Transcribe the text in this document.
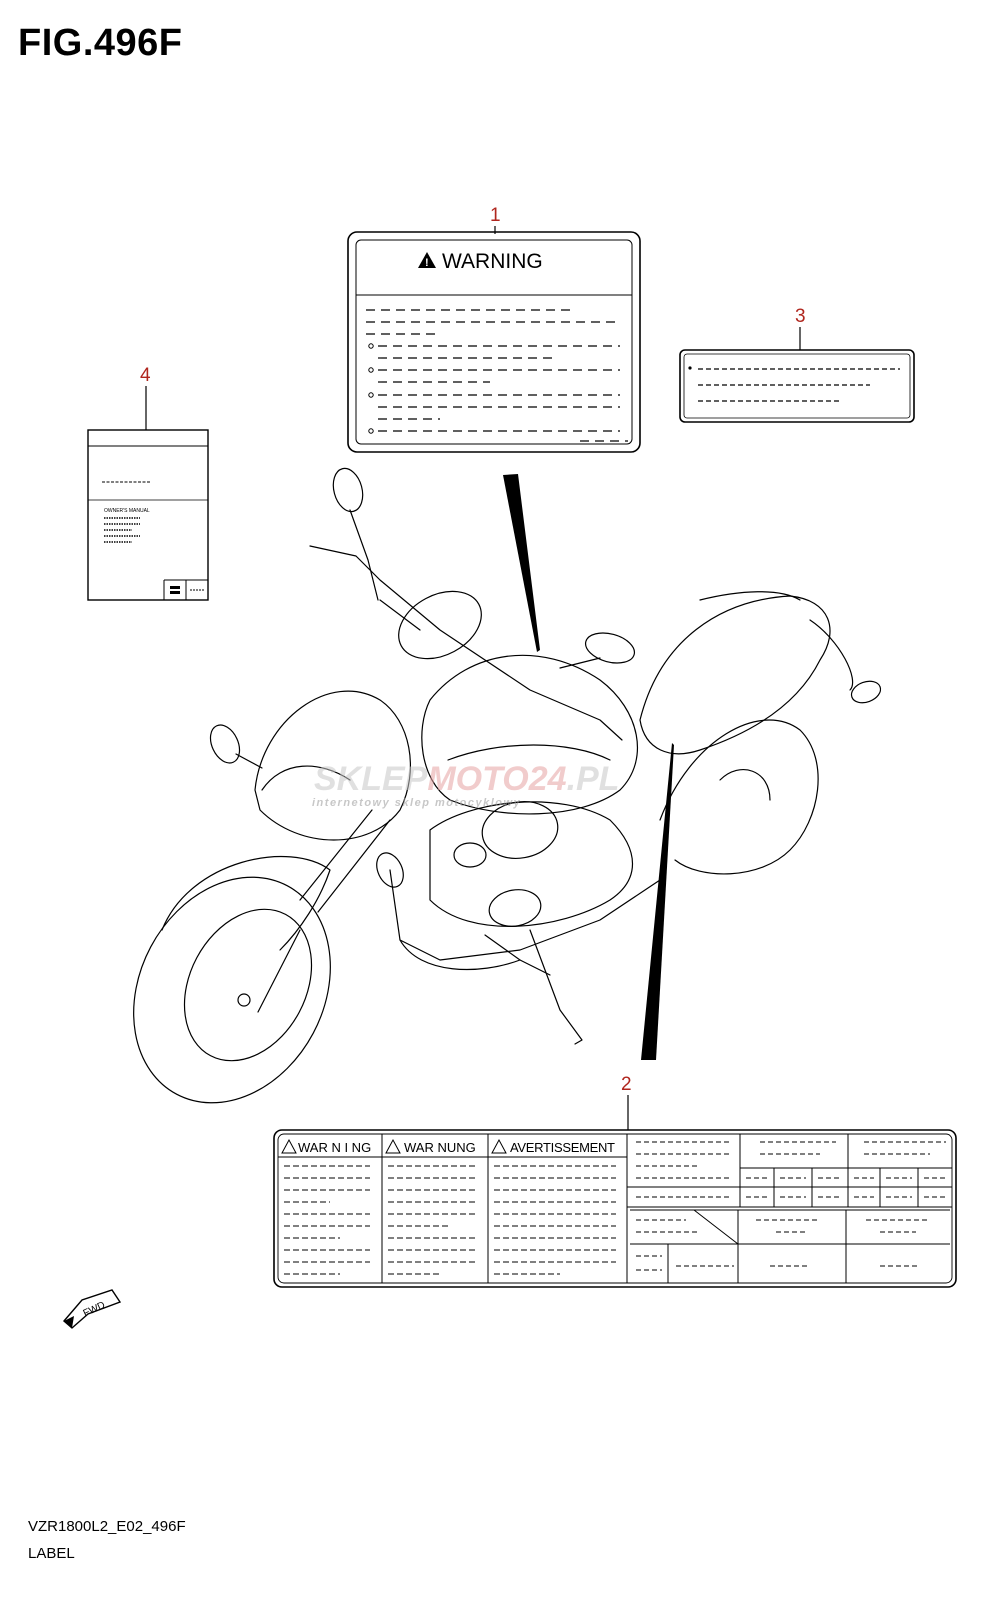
FIG.496F
1
3
4
2
! WARNING
OWNER'S MANUAL
WAR N I NG	WAR NUNG	AVERTISSEMENT
FWD
SKLEPMOTO24.PL
internetowy sklep motocyklowy
VZR1800L2_E02_496F
LABEL
